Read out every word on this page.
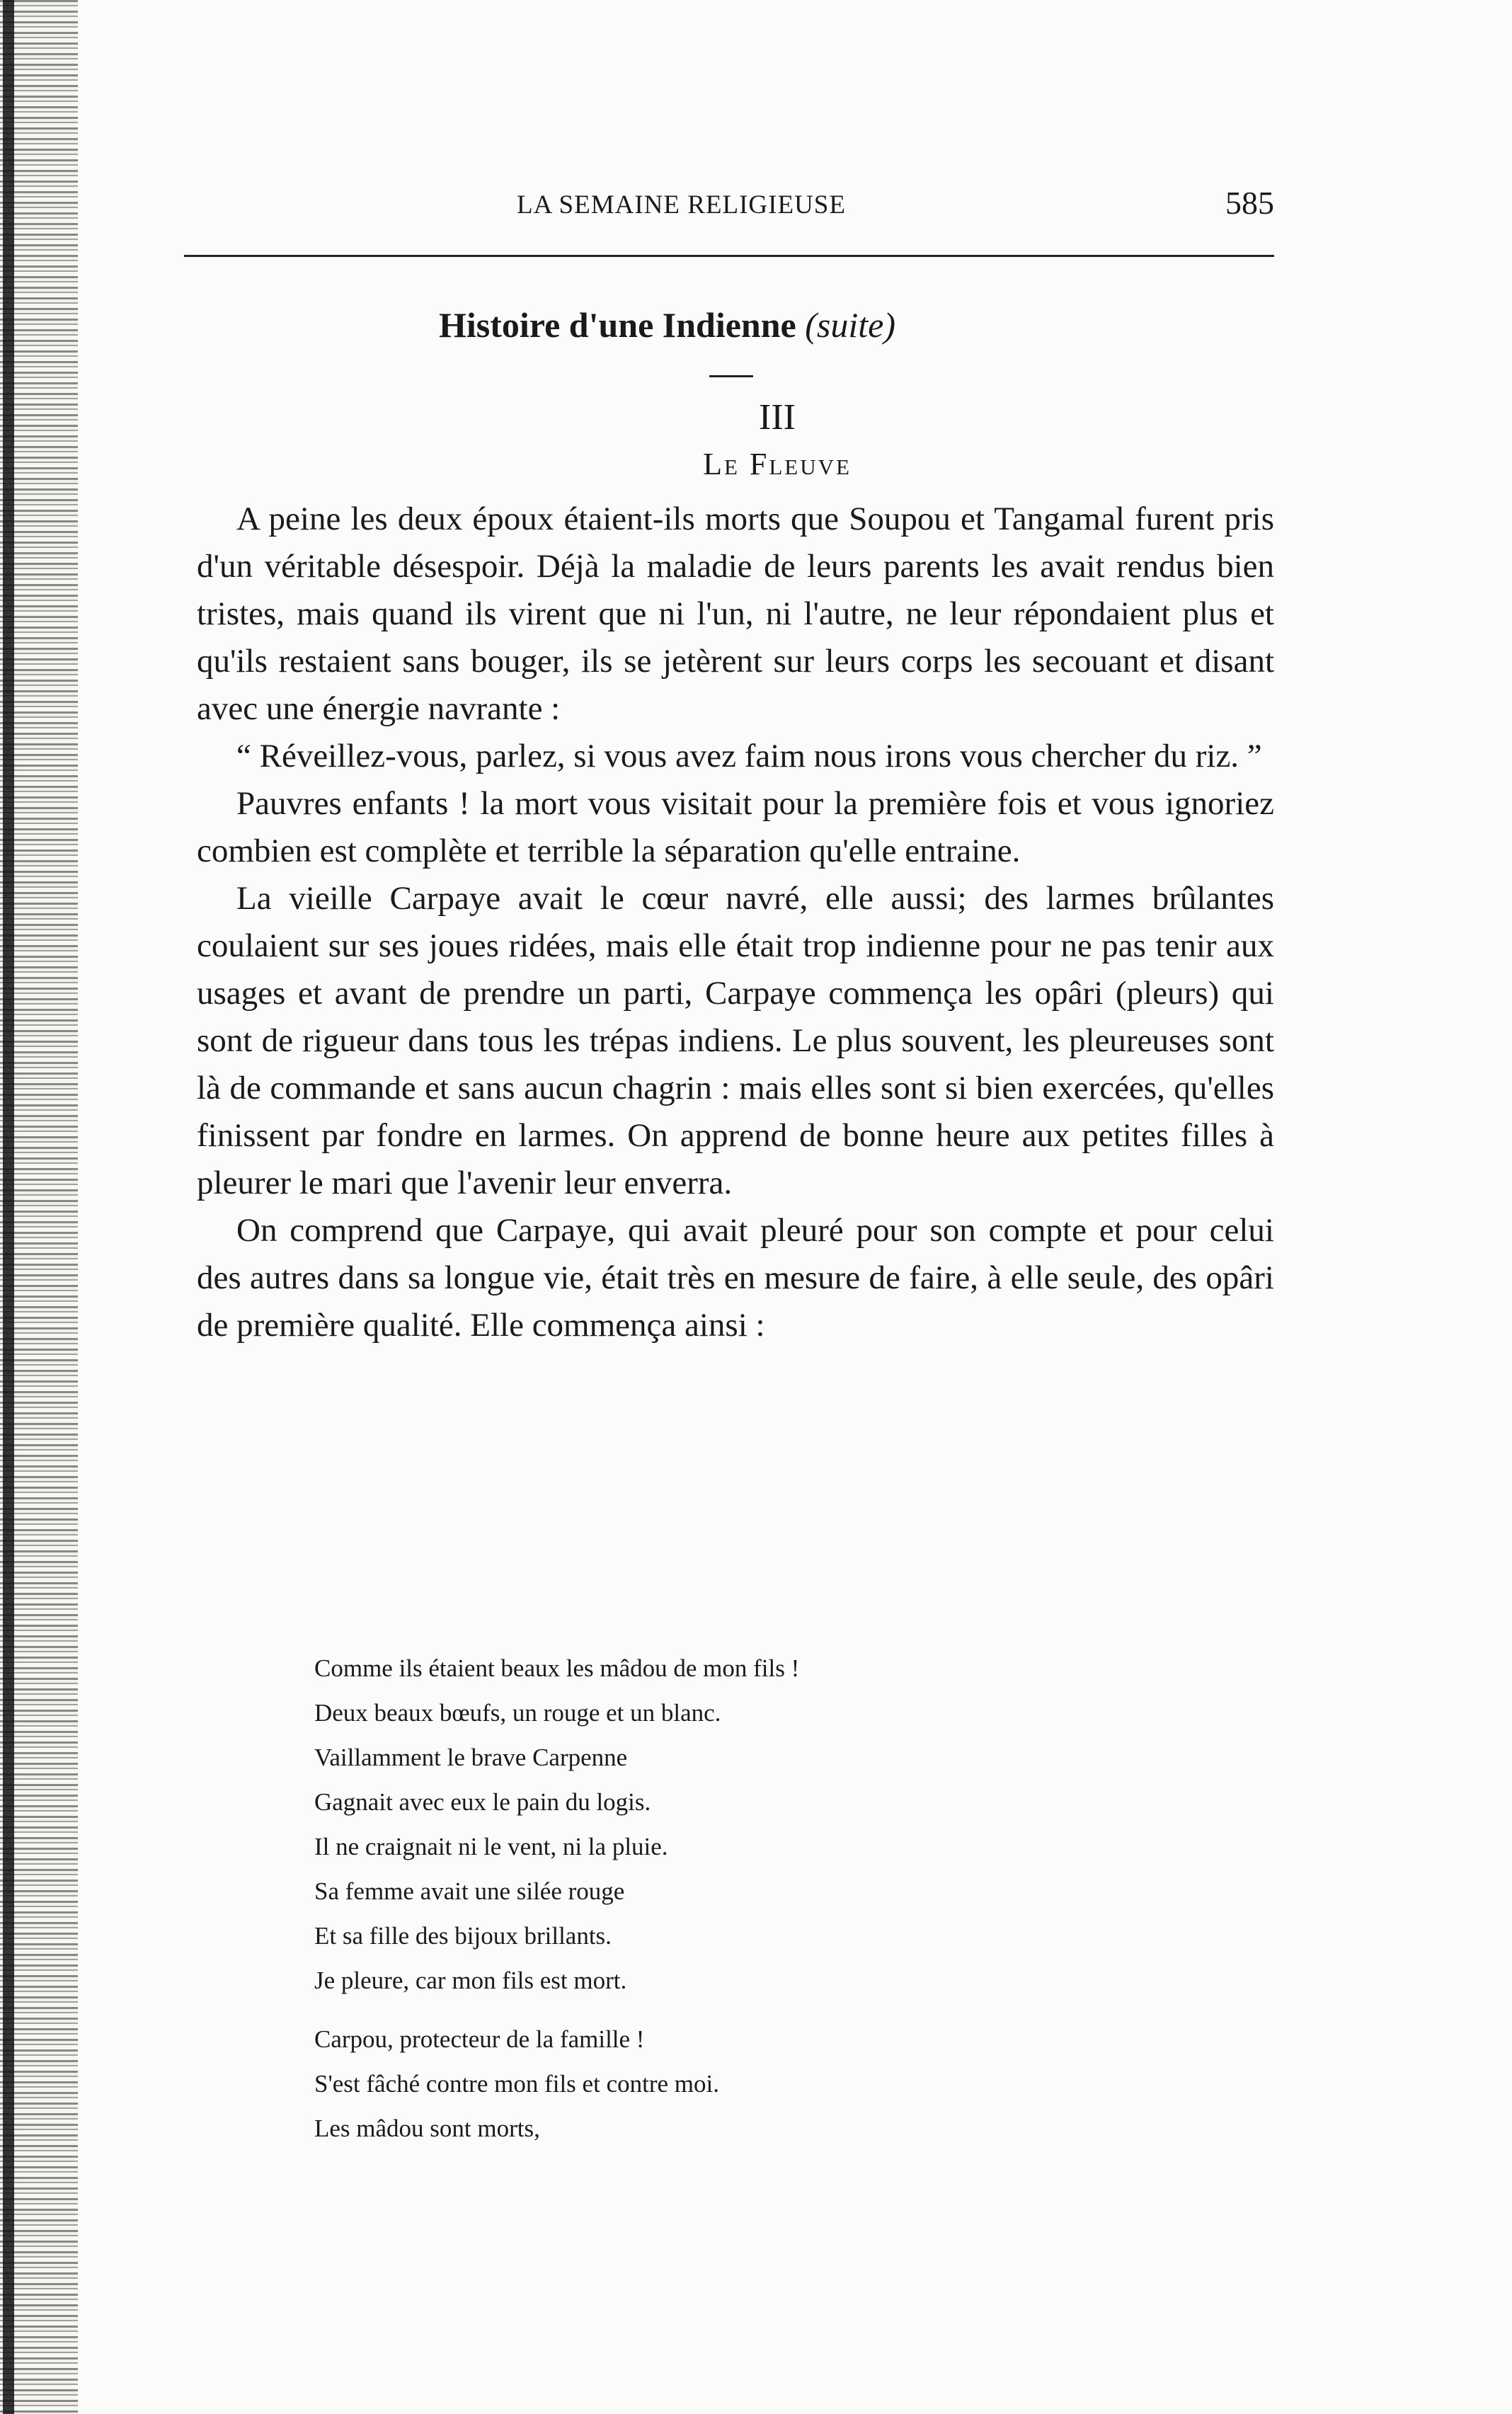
LA SEMAINE RELIGIEUSE	585
Histoire d'une Indienne (suite)
III
Le Fleuve

A peine les deux époux étaient-ils morts que Soupou et Tangamal furent pris d'un véritable désespoir. Déjà la maladie de leurs parents les avait rendus bien tristes, mais quand ils virent que ni l'un, ni l'autre, ne leur répondaient plus et qu'ils restaient sans bouger, ils se jetèrent sur leurs corps les secouant et disant avec une énergie navrante :

“ Réveillez-vous, parlez, si vous avez faim nous irons vous chercher du riz. ”

Pauvres enfants ! la mort vous visitait pour la première fois et vous ignoriez combien est complète et terrible la séparation qu'elle entraine.

La vieille Carpaye avait le cœur navré, elle aussi; des larmes brûlantes coulaient sur ses joues ridées, mais elle était trop indienne pour ne pas tenir aux usages et avant de prendre un parti, Carpaye commença les opâri (pleurs) qui sont de rigueur dans tous les trépas indiens. Le plus souvent, les pleureuses sont là de commande et sans aucun chagrin : mais elles sont si bien exercées, qu'elles finissent par fondre en larmes. On apprend de bonne heure aux petites filles à pleurer le mari que l'avenir leur enverra.

On comprend que Carpaye, qui avait pleuré pour son compte et pour celui des autres dans sa longue vie, était très en mesure de faire, à elle seule, des opâri de première qualité. Elle commença ainsi :

Comme ils étaient beaux les mâdou de mon fils !
Deux beaux bœufs, un rouge et un blanc.
Vaillamment le brave Carpenne
Gagnait avec eux le pain du logis.
Il ne craignait ni le vent, ni la pluie.
Sa femme avait une silée rouge
Et sa fille des bijoux brillants.
Je pleure, car mon fils est mort.
Carpou, protecteur de la famille !
S'est fâché contre mon fils et contre moi.
Les mâdou sont morts,
